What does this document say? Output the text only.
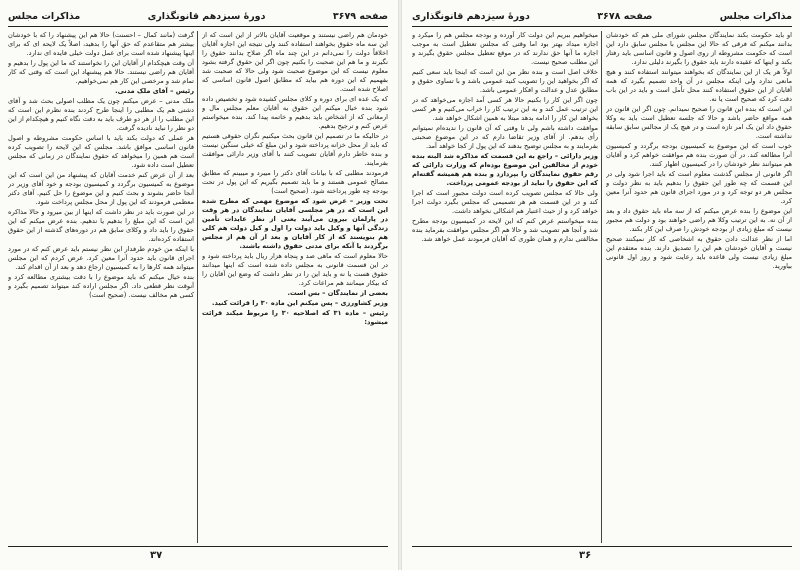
صفحه ۳۶۷۹
دورهٔ سیزدهم قانونگذاری
مذاکرات مجلس

خودمان هم راضی نیستند و موقعیت آقایان بالاتر از این است که از این سه ماه حقوق بخواهند استفاده کنند ولی نتیجه این اجازه آقایان اخلاقاً دولت را نمی‌دانم در این چند ماه اگر صلاح بدانند حقوق را نگیرند و ما هم این صحبت را بکنیم چون اگر این حقوق گرفته بشود معلوم نیست که این موضوع صحبت شود ولی حالا که صحبت شد بفهمیم که این دوره هم بیاید که مطابق اصول قانون اساسی که اصلاح شده است.

که یک عده ای برای دوره و کلای مجلس کشیده شود و تخصیص داده شود بنده خیال میکنم این حقوق به آقایان معلم مجلس مال و ارمغانی که از اشخاص باید بدهیم و خاتمه پیدا کند. بنده میخواستم عرض کنم و ترجیح بدهیم.

در حالیکه ما در تصمیم این قانون بحث میکنیم نگران حقوقی هستیم که باید از محل خزانه پرداخته شود و این مبلغ که خیلی سنگین نیست و بنده خاطر دارم آقایان تصویب کنند با آقای وزیر دارائی موافقت بفرمایند.

فرمودند مطلبی که با بیانات آقای دکتر را میبرد و میبینم که مطابق مصالح عمومی هستند و ما باید تصمیم بگیریم که این پول در تحت بودجه چه طور پرداخته شود. (صحیح است)

تحت وزیر – عرض شود که موضوع مهمی که مطرح شده این است که در هر مجلسی آقایان نمایندگان در هر وقت در پارلمان بیرون می‌آیند یعنی از نظر عایدات تأمین زندگی آنها و وکیل باید دولت را اول و کیل دولت هم کلی هم بنویسند که از کار آقایان و بعد از آن هم از مجلس برگردند یا آنکه برای مدتی حقوق داشته باشند.

حالا معلوم است که ماهی صد و پنجاه هزار ریال باید پرداخته شود و در این قسمت قانونی به مجلس داده شده است که اینها میدانند حقوق هست یا نه و باید این را در نظر داشت که وضع این آقایان را که بیکار میمانند هم مراعات کرد.

بعضی از نمایندگان – بس است.

وزیر کشاورزی – پس میکنم این ماده ۳۰ را قرائت کنید.

رئیس – ماده ۳۱ که اصلاحیه ۳۰ را مربوط میکند قرائت میشود:

گرفت (مانند کمال – احسنت) حالا هم این پیشنهاد را که با خودشان بیشتر هم متقاعدم که حق آنها را بدهید، اصلاً یک لایحه ای که برای اینها پیشنهاد شده است برای عمل دولت خیلی فایده ای ندارد.

آن وقت هیچکدام از آقایان این را نخواستند که ما این پول را بدهیم و آقایان هم راضی نیستند. حالا هم پیشنهاد این است که وقتی که کار تمام شد و مرخصی این کار هم نمی‌خواهیم.

رئیس – آقای ملک مدنی.

ملک مدنی – عرض میکنم چون یک مطلب اصولی بحث شد و آقای دشتی هم یک مطلبی را اینجا طرح کردند بنده نظرم این است که این مطلب را از هر دو طرف باید به دقت نگاه کنیم و هیچکدام از این دو نظر را نباید نادیده گرفت.

هر عملی که دولت بکند باید با اساس حکومت مشروطه و اصول قانون اساسی موافق باشد. مجلس که این لایحه را تصویب کرده است هم همین را میخواهد که حقوق نمایندگان در زمانی که مجلس تعطیل است داده شود.

بعد از آن عرض کنم خدمت آقایان که پیشنهاد من این است که این موضوع به کمیسیون برگردد و کمیسیون بودجه و خود آقای وزیر در آنجا حاضر بشوند و بحث کنیم و این موضوع را حل کنیم. آقای دکتر معظمی فرمودند که این پول از محل مجلس پرداخت شود.

در این صورت باید در نظر داشت که اینها از بین میرود و حالا مذاکره این است که این مبلغ را بدهیم یا ندهیم. بنده عرض میکنم که این حقوق را باید داد و وکلای سابق هم در دوره‌های گذشته از این حقوق استفاده کرده‌اند.

با اینکه من خودم طرفدار این نظر نیستم باید عرض کنم که در مورد اجرای قانون باید حدود آنرا معین کرد. عرض کردم که این مجلس میتواند همه کارها را به کمیسیون ارجاع دهد و بعد از آن اقدام کند.

بنده خیال میکنم که باید موضوع را با دقت بیشتری مطالعه کرد و آنوقت نظر قطعی داد. اگر مجلس اراده کند میتواند تصمیم بگیرد و کسی هم مخالف نیست. (صحیح است)

۳۷
مذاکرات مجلس
صفحه ۳۶۷۸
دورهٔ سیزدهم قانونگذاری

او باید حکومت بکند نمایندگان مجلس شورای ملی هم که خودشان بدانند میکنم که فرقی که حالا این مجلس با مجلس سابق دارد این است که حکومت مشروطه از روی اصول و قانون اساسی باید رفتار بکند و اینها که عقیده دارند باید حقوق را بگیرند دلیلی ندارد.

اولاً هر یک از این نمایندگان که بخواهند میتوانند استفاده کنند و هیچ مانعی ندارد ولی اینکه مجلس در آن واحد تصمیم بگیرد که همه آقایان از این حقوق استفاده کنند محل تأمل است و باید در این باب دقت کرد که صحیح است یا نه.

این است که بنده این قانون را صحیح نمیدانم. چون اگر این قانون در همه مواقع حاضر باشد و حالا که جلسه تعطیل است باید به وکلا حقوق داد این یک امر تازه است و در هیچ یک از مجالس سابق سابقه نداشته است.

خوب است که این موضوع به کمیسیون بودجه برگردد و کمیسیون آنرا مطالعه کند. در آن صورت بنده هم موافقت خواهم کرد و آقایان هم میتوانند نظر خودشان را در کمیسیون اظهار کنند.

اگر قانونی از مجلس گذشت معلوم است که باید اجرا شود ولی در این قسمت که چه طور این حقوق را بدهیم باید به نظر دولت و مجلس هر دو توجه کرد و در مورد اجرای قانون هم حدود آنرا معین کرد.

این موضوع را بنده عرض میکنم که از سه ماه باید حقوق داد و بعد از آن نه. به این ترتیب وکلا هم راضی خواهند بود و دولت هم مجبور نیست که مبلغ زیادی از بودجه خودش را صرف این کار بکند.

اما از نظر عدالت دادن حقوق به اشخاصی که کار نمیکنند صحیح نیست و آقایان خودشان هم این را تصدیق دارند. بنده معتقدم این مبلغ زیادی نیست ولی قاعده باید رعایت شود و روز اول قانونی بیاورید.

میخواهیم ببریم این دولت کار آورده و بودجه مجلس هم را میکرد و اجازه میداد بهتر بود اما وقتی که مجلس تعطیل است به موجب اجازه ما آنها حق ندارند که در موقع تعطیل مجلس حقوق بگیرند و این مطلب صحیح نیست.

خلاف اصل است و بنده نظر من این است که اینجا باید سعی کنیم که اگر بخواهید این را تصویب کنید عمومی باشد و با تساوی حقوق و مطابق عدل و عدالت و افکار عمومی باشد.

چون اگر این کار را بکنیم حالا هر کسی آمد اجازه می‌خواهد که در این ترتیب عمل کند و به این ترتیب کار را خراب می‌کنیم و هر کسی بخواهد این کار را ادامه بدهد مبتلا به همین اشکال خواهد شد.

موافقت داشته باشم ولی تا وقتی که آن قانون را ندیده‌ام نمیتوانم رأی بدهم. از آقای وزیر تقاضا دارم که در این موضوع صحبتی بفرمایند و به مجلس توضیح بدهند که این پول از کجا خواهد آمد.

وزیر دارائی – راجع به این قسمت که مذاکره شد البته بنده خودم از مخالفین این موضوع بوده‌ام که وزارت دارائی که رقم حقوق نمایندگان را بپردازد و بنده هم همیشه گفته‌ام که این حقوق را نباید از بودجه عمومی پرداخت.

ولی حالا که مجلس تصویب کرده است دولت مجبور است که اجرا کند و در این قسمت هم هر تصمیمی که مجلس بگیرد دولت اجرا خواهد کرد و از حیث اعتبار هم اشکالی نخواهد داشت.

بنده میخواستم عرض کنم که این لایحه در کمیسیون بودجه مطرح شد و آنجا هم تصویب شد و حالا هم اگر مجلس موافقت بفرماید بنده مخالفتی ندارم و همان طوری که آقایان فرمودند عمل خواهد شد.

۳۶
